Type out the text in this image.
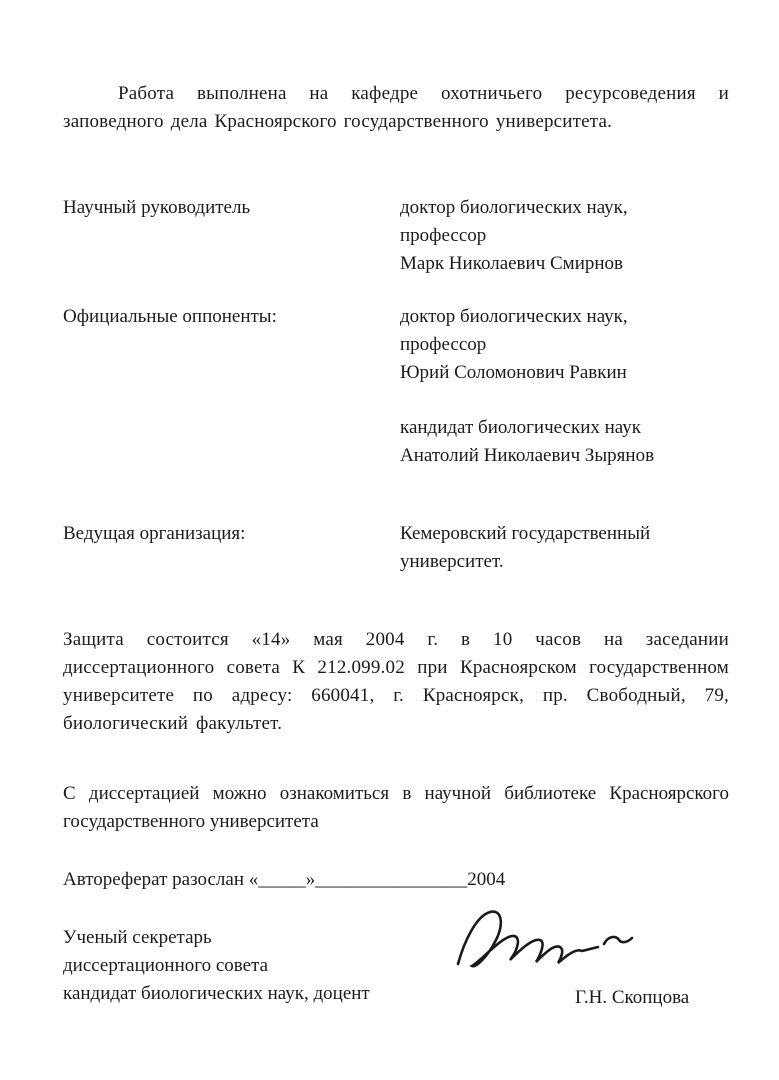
Работа выполнена на кафедре охотничьего ресурсоведения и заповедного дела Красноярского государственного университета.

Научный руководитель	доктор биологических наук,
профессор
Марк Николаевич Смирнов
Официальные оппоненты:	доктор биологических наук,
профессор
Юрий Соломонович Равкин
кандидат биологических наук
Анатолий Николаевич Зырянов
Ведущая организация:	Кемеровский государственный
университет.

Защита состоится «14» мая 2004 г. в 10 часов на заседании диссертационного совета К 212.099.02 при Красноярском государственном университете по адресу: 660041, г. Красноярск, пр. Свободный, 79, биологический факультет.

С диссертацией можно ознакомиться в научной библиотеке Красноярского государственного университета

Автореферат разослан «_____»________________2004

Ученый секретарь
диссертационного совета
кандидат биологических наук, доцент	Г.Н. Скопцова
